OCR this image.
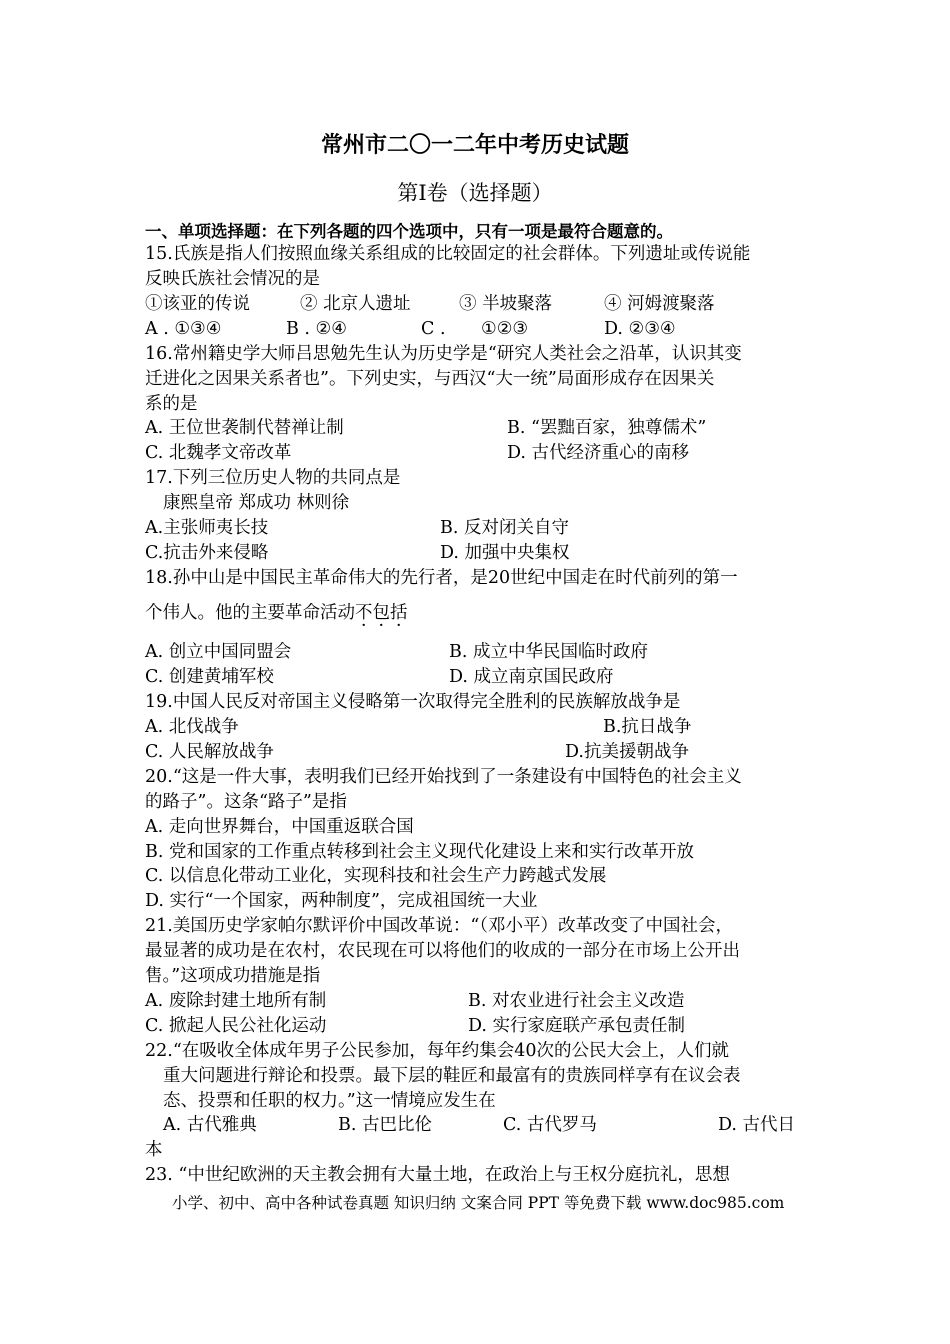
常州市二〇一二年中考历史试题
第Ⅰ卷（选择题）
一、单项选择题：在下列各题的四个选项中，只有一项是最符合题意的。
15.氏族是指人们按照血缘关系组成的比较固定的社会群体。下列遗址或传说能
反映氏族社会情况的是
①该亚的传说	② 北京人遗址	③ 半坡聚落	④ 河姆渡聚落
A . ①③④	B . ②④	C . ①②③	D. ②③④
16.常州籍史学大师吕思勉先生认为历史学是“研究人类社会之沿革，认识其变
迁进化之因果关系者也”。下列史实，与西汉“大一统”局面形成存在因果关
系的是
A. 王位世袭制代替禅让制	B. “罢黜百家，独尊儒术”
C. 北魏孝文帝改革	D. 古代经济重心的南移
17.下列三位历史人物的共同点是
康熙皇帝 郑成功 林则徐
A.主张师夷长技	B. 反对闭关自守
C.抗击外来侵略	D. 加强中央集权
18.孙中山是中国民主革命伟大的先行者，是20世纪中国走在时代前列的第一
个伟人。他的主要革命活动不包括
A. 创立中国同盟会	B. 成立中华民国临时政府
C. 创建黄埔军校	D. 成立南京国民政府
19.中国人民反对帝国主义侵略第一次取得完全胜利的民族解放战争是
A. 北伐战争	B.抗日战争
C. 人民解放战争	D.抗美援朝战争
20.“这是一件大事，表明我们已经开始找到了一条建设有中国特色的社会主义
的路子”。这条“路子”是指
A. 走向世界舞台，中国重返联合国
B. 党和国家的工作重点转移到社会主义现代化建设上来和实行改革开放
C. 以信息化带动工业化，实现科技和社会生产力跨越式发展
D. 实行“一个国家，两种制度”，完成祖国统一大业
21.美国历史学家帕尔默评价中国改革说：“（邓小平）改革改变了中国社会，
最显著的成功是在农村，农民现在可以将他们的收成的一部分在市场上公开出
售。”这项成功措施是指
A. 废除封建土地所有制	B. 对农业进行社会主义改造
C. 掀起人民公社化运动	D. 实行家庭联产承包责任制
22.“在吸收全体成年男子公民参加，每年约集会40次的公民大会上，人们就
重大问题进行辩论和投票。最下层的鞋匠和最富有的贵族同样享有在议会表
态、投票和任职的权力。”这一情境应发生在
A. 古代雅典	B. 古巴比伦	C. 古代罗马	D. 古代日
本
23. “中世纪欧洲的天主教会拥有大量土地，在政治上与王权分庭抗礼，思想
小学、初中、高中各种试卷真题 知识归纳 文案合同 PPT 等免费下载 www.doc985.com
